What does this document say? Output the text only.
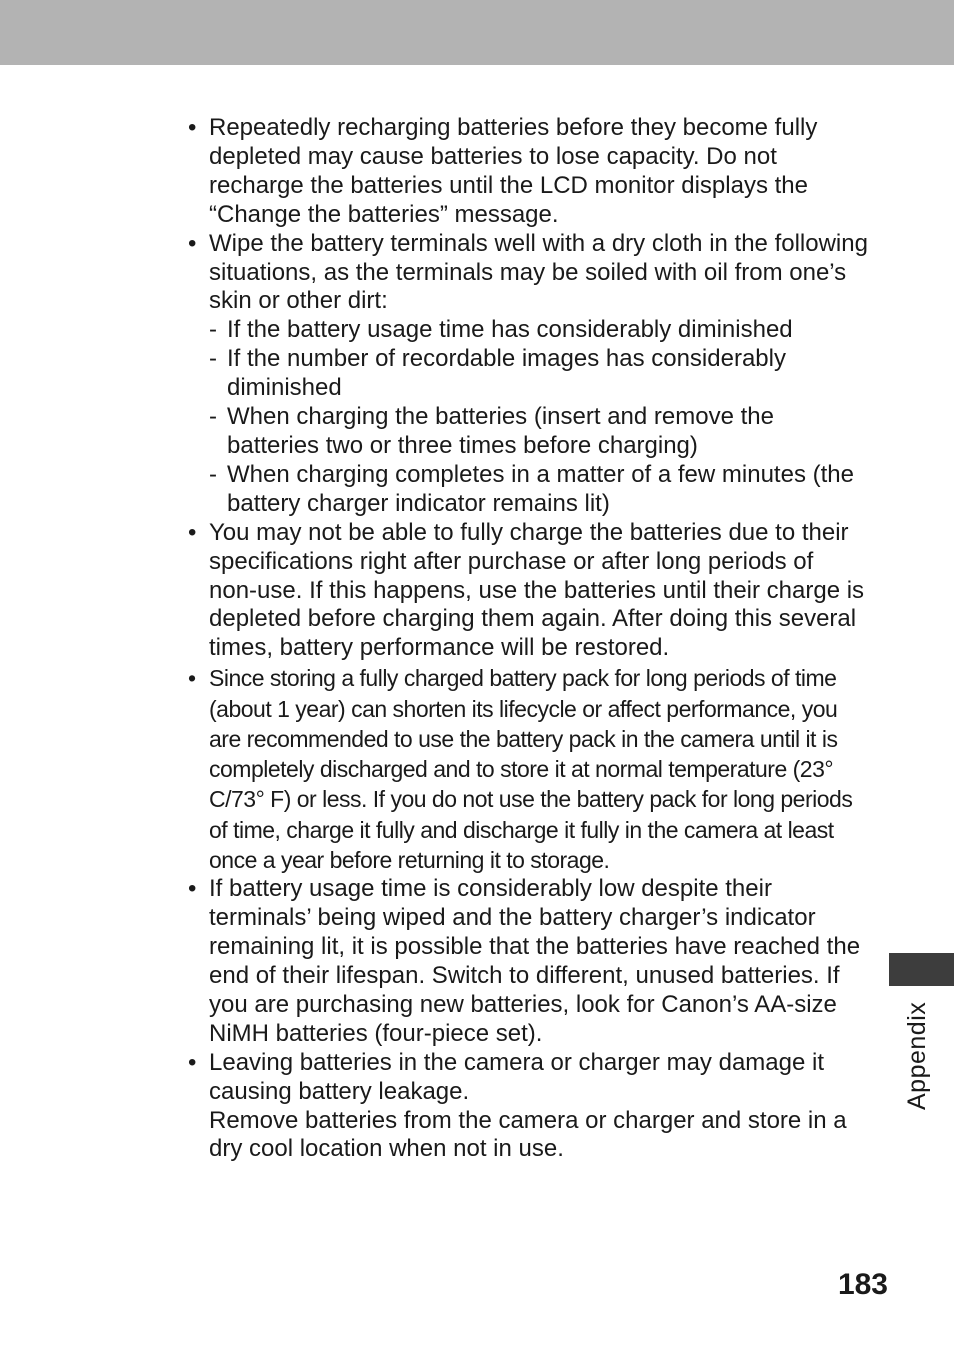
• Repeatedly recharging batteries before they become fully depleted may cause batteries to lose capacity. Do not recharge the batteries until the LCD monitor displays the “Change the batteries” message.
• Wipe the battery terminals well with a dry cloth in the following situations, as the terminals may be soiled with oil from one’s skin or other dirt:
- If the battery usage time has considerably diminished
- If the number of recordable images has considerably diminished
- When charging the batteries (insert and remove the batteries two or three times before charging)
- When charging completes in a matter of a few minutes (the battery charger indicator remains lit)
• You may not be able to fully charge the batteries due to their specifications right after purchase or after long periods of non-use. If this happens, use the batteries until their charge is depleted before charging them again. After doing this several times, battery performance will be restored.
• Since storing a fully charged battery pack for long periods of time (about 1 year) can shorten its lifecycle or affect performance, you are recommended to use the battery pack in the camera until it is completely discharged and to store it at normal temperature (23° C/73° F) or less. If you do not use the battery pack for long periods of time, charge it fully and discharge it fully in the camera at least once a year before returning it to storage.
• If battery usage time is considerably low despite their terminals’ being wiped and the battery charger’s indicator remaining lit, it is possible that the batteries have reached the end of their lifespan. Switch to different, unused batteries. If you are purchasing new batteries, look for Canon’s AA-size NiMH batteries (four-piece set).
• Leaving batteries in the camera or charger may damage it causing battery leakage.
Remove batteries from the camera or charger and store in a dry cool location when not in use.
Appendix
183
